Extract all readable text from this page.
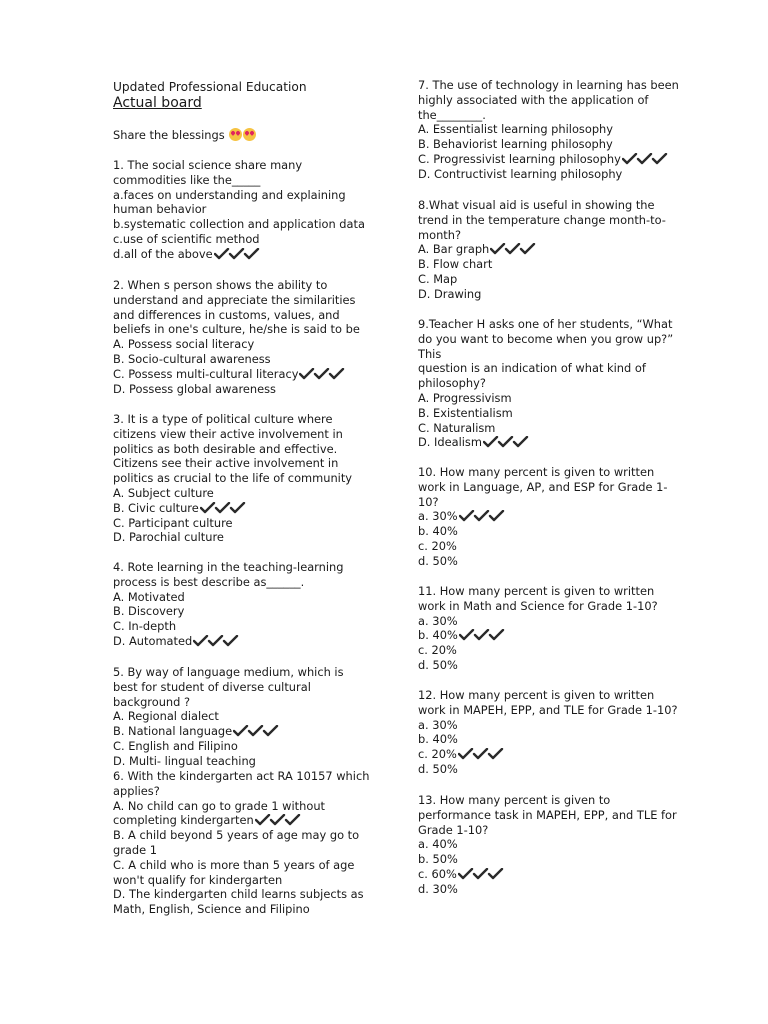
Updated Professional Education
Actual board
Share the blessings

1. The social science share many commodities like the_____

a.faces on understanding and explaining human behavior
b.systematic collection and application data
c.use of scientific method
d.all of the above

2. When s person shows the ability to understand and appreciate the similarities and differences in customs, values, and beliefs in one's culture, he/she is said to be

A. Possess social literacy
B. Socio-cultural awareness
C. Possess multi-cultural literacy
D. Possess global awareness

3. It is a type of political culture where citizens view their active involvement in politics as both desirable and effective. Citizens see their active involvement in politics as crucial to the life of community

A. Subject culture
B. Civic culture
C. Participant culture
D. Parochial culture

4. Rote learning in the teaching-learning process is best describe as______.

A. Motivated
B. Discovery
C. In-depth
D. Automated

5. By way of language medium, which is best for student of diverse cultural background ?

A. Regional dialect
B. National language
C. English and Filipino
D. Multi- lingual teaching

6. With the kindergarten act RA 10157 which applies?

A. No child can go to grade 1 without completing kindergarten
B. A child beyond 5 years of age may go to grade 1
C. A child who is more than 5 years of age won't qualify for kindergarten
D. The kindergarten child learns subjects as Math, English, Science and Filipino

7. The use of technology in learning has been highly associated with the application of the________.

A. Essentialist learning philosophy
B. Behaviorist learning philosophy
C. Progressivist learning philosophy
D. Contructivist learning philosophy

8.What visual aid is useful in showing the trend in the temperature change month-to-month?

A. Bar graph
B. Flow chart
C. Map
D. Drawing

9.Teacher H asks one of her students, “What do you want to become when you grow up?” This
question is an indication of what kind of philosophy?

A. Progressivism
B. Existentialism
C. Naturalism
D. Idealism

10. How many percent is given to written work in Language, AP, and ESP for Grade 1-10?

a. 30%
b. 40%
c. 20%
d. 50%

11. How many percent is given to written work in Math and Science for Grade 1-10?

a. 30%
b. 40%
c. 20%
d. 50%

12. How many percent is given to written work in MAPEH, EPP, and TLE for Grade 1-10?

a. 30%
b. 40%
c. 20%
d. 50%

13. How many percent is given to performance task in MAPEH, EPP, and TLE for Grade 1-10?

a. 40%
b. 50%
c. 60%
d. 30%
